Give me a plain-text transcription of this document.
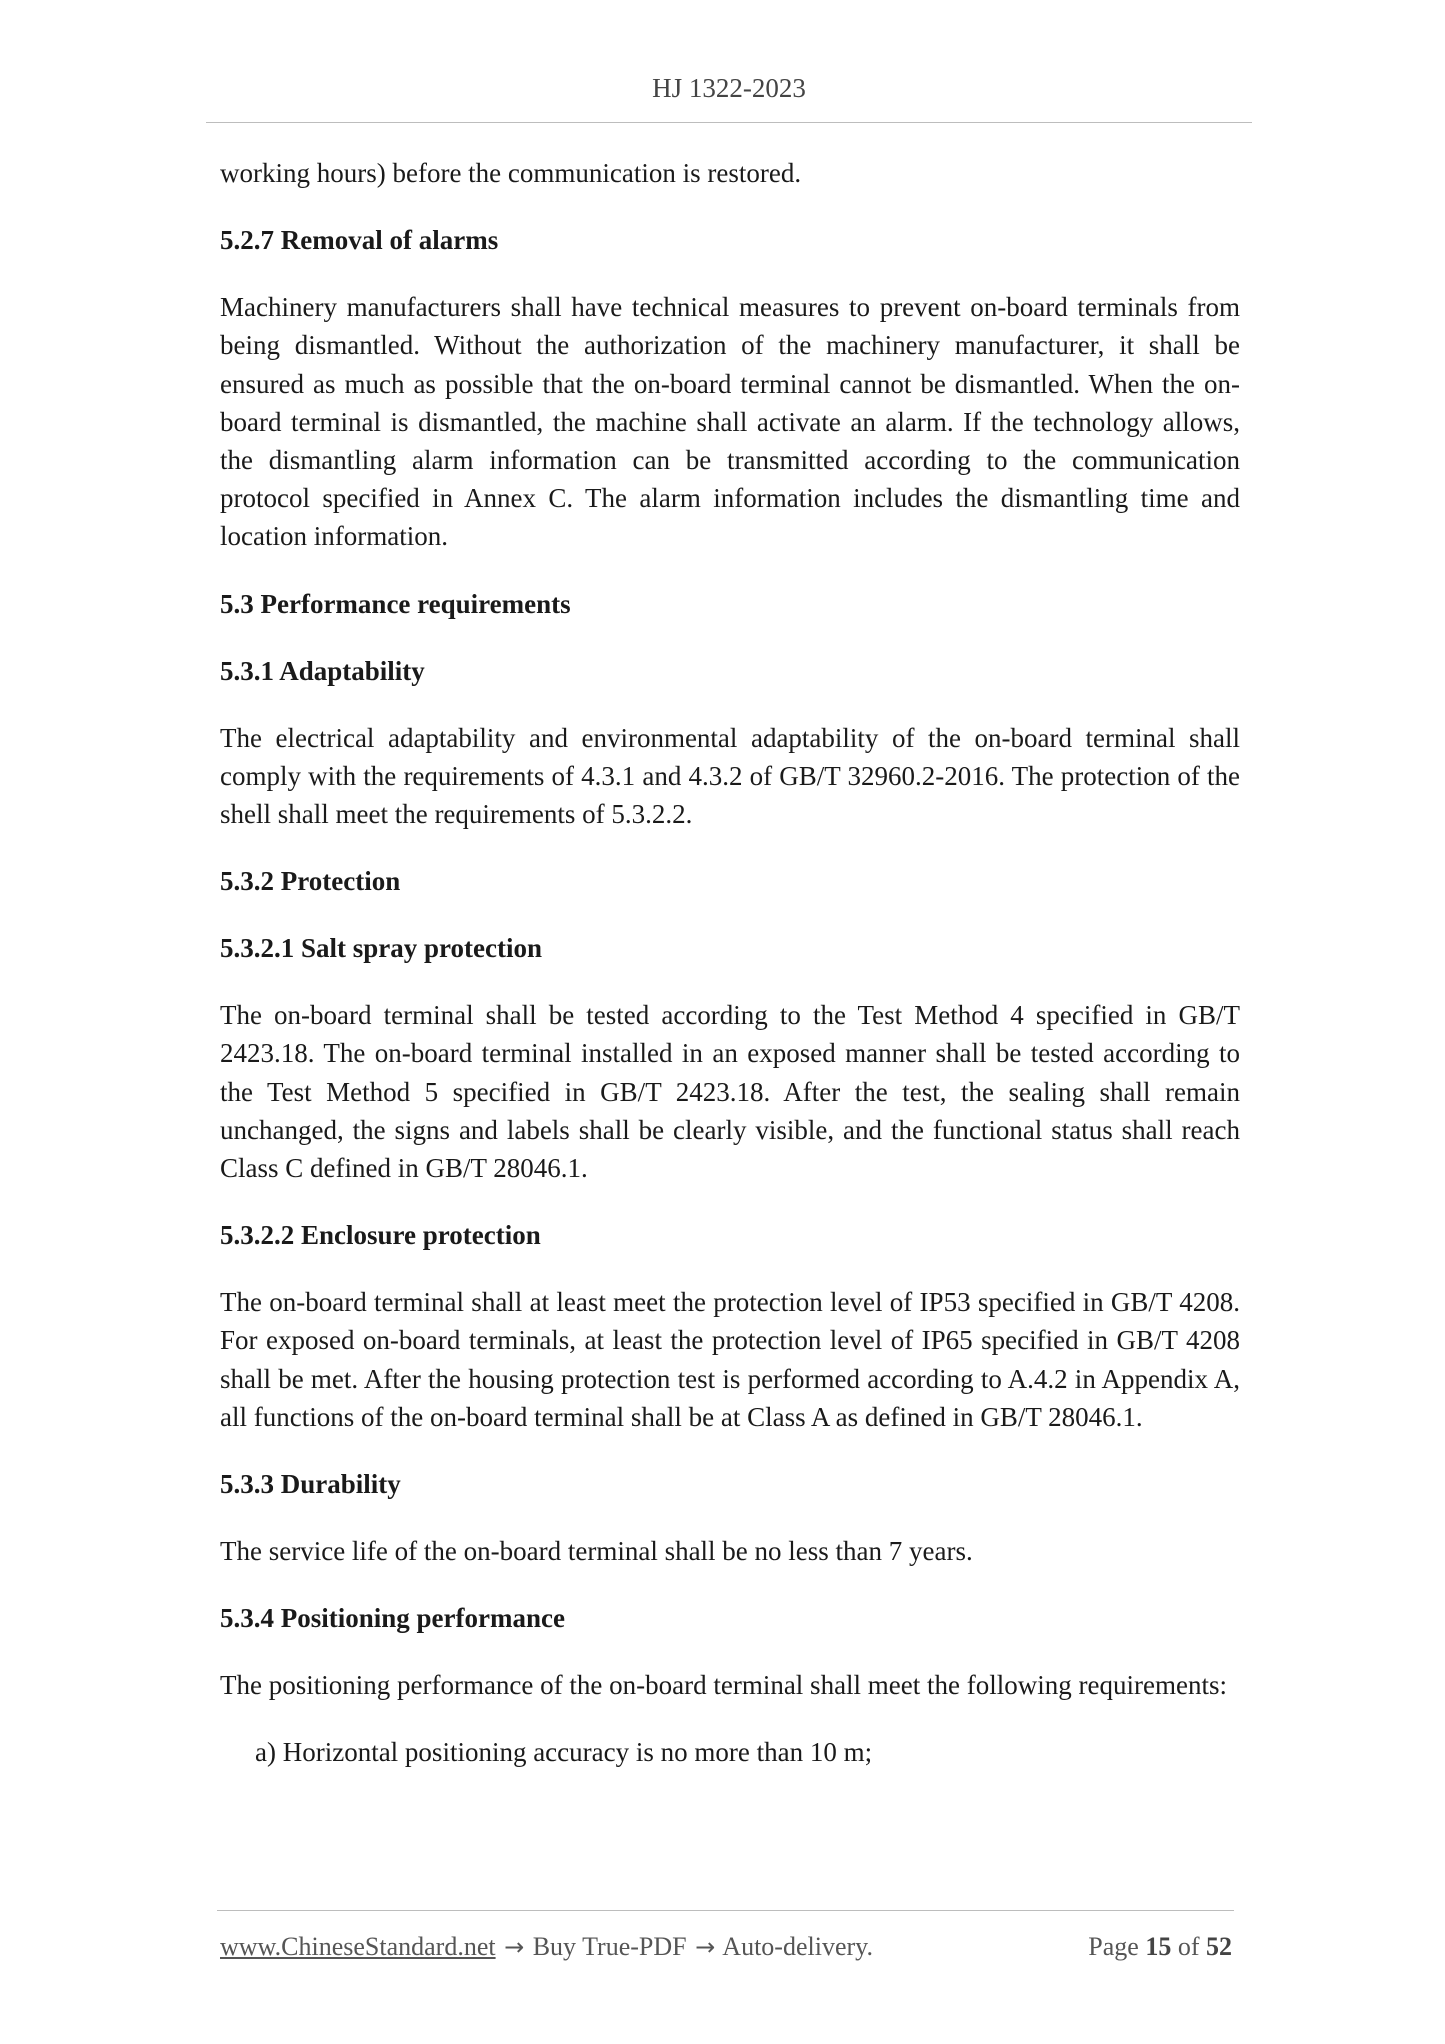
HJ 1322-2023

working hours) before the communication is restored.

5.2.7 Removal of alarms

Machinery manufacturers shall have technical measures to prevent on-board terminals from being dismantled. Without the authorization of the machinery manufacturer, it shall be ensured as much as possible that the on-board terminal cannot be dismantled. When the on-board terminal is dismantled, the machine shall activate an alarm. If the technology allows, the dismantling alarm information can be transmitted according to the communication protocol specified in Annex C. The alarm information includes the dismantling time and location information.

5.3 Performance requirements
5.3.1 Adaptability

The electrical adaptability and environmental adaptability of the on-board terminal shall comply with the requirements of 4.3.1 and 4.3.2 of GB/T 32960.2-2016. The protection of the shell shall meet the requirements of 5.3.2.2.

5.3.2 Protection
5.3.2.1 Salt spray protection

The on-board terminal shall be tested according to the Test Method 4 specified in GB/T 2423.18. The on-board terminal installed in an exposed manner shall be tested according to the Test Method 5 specified in GB/T 2423.18. After the test, the sealing shall remain unchanged, the signs and labels shall be clearly visible, and the functional status shall reach Class C defined in GB/T 28046.1.

5.3.2.2 Enclosure protection

The on-board terminal shall at least meet the protection level of IP53 specified in GB/T 4208. For exposed on-board terminals, at least the protection level of IP65 specified in GB/T 4208 shall be met. After the housing protection test is performed according to A.4.2 in Appendix A, all functions of the on-board terminal shall be at Class A as defined in GB/T 28046.1.

5.3.3 Durability

The service life of the on-board terminal shall be no less than 7 years.

5.3.4 Positioning performance

The positioning performance of the on-board terminal shall meet the following requirements:

a) Horizontal positioning accuracy is no more than 10 m;

www.ChineseStandard.net → Buy True-PDF → Auto-delivery.	Page 15 of 52
